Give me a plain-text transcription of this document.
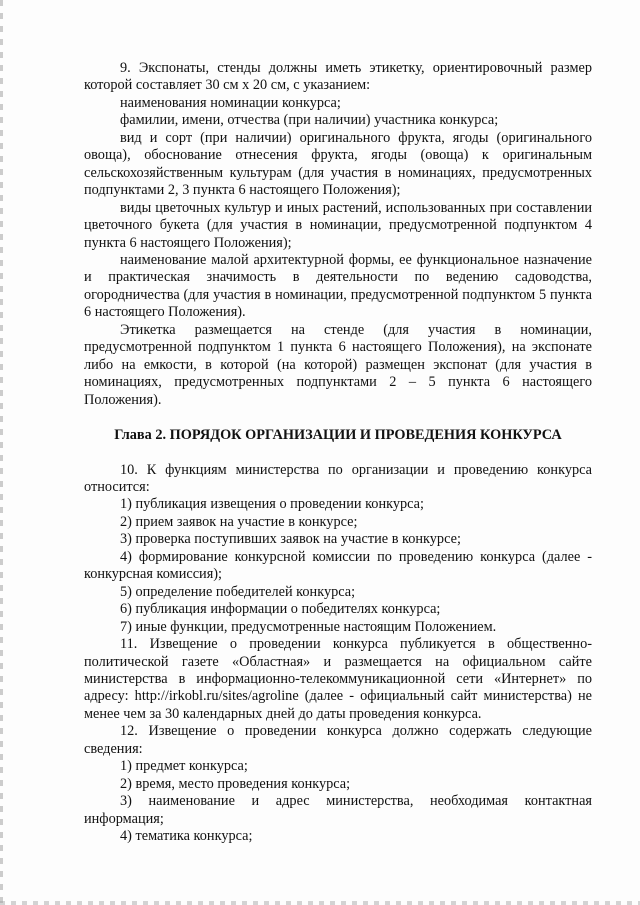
9. Экспонаты, стенды должны иметь этикетку, ориентировочный размер которой составляет 30 см x 20 см, с указанием:

наименования номинации конкурса;

фамилии, имени, отчества (при наличии) участника конкурса;

вид и сорт (при наличии) оригинального фрукта, ягоды (оригинального овоща), обоснование отнесения фрукта, ягоды (овоща) к оригинальным сельскохозяйственным культурам (для участия в номинациях, предусмотренных подпунктами 2, 3 пункта 6 настоящего Положения);

виды цветочных культур и иных растений, использованных при составлении цветочного букета (для участия в номинации, предусмотренной подпунктом 4 пункта 6 настоящего Положения);

наименование малой архитектурной формы, ее функциональное назначение и практическая значимость в деятельности по ведению садоводства, огородничества (для участия в номинации, предусмотренной подпунктом 5 пункта 6 настоящего Положения).

Этикетка размещается на стенде (для участия в номинации, предусмотренной подпунктом 1 пункта 6 настоящего Положения), на экспонате либо на емкости, в которой (на которой) размещен экспонат (для участия в номинациях, предусмотренных подпунктами 2 – 5 пункта 6 настоящего Положения).

Глава 2. ПОРЯДОК ОРГАНИЗАЦИИ И ПРОВЕДЕНИЯ КОНКУРСА

10. К функциям министерства по организации и проведению конкурса относится:

1) публикация извещения о проведении конкурса;

2) прием заявок на участие в конкурсе;

3) проверка поступивших заявок на участие в конкурсе;

4) формирование конкурсной комиссии по проведению конкурса (далее - конкурсная комиссия);

5) определение победителей конкурса;

6) публикация информации о победителях конкурса;

7) иные функции, предусмотренные настоящим Положением.

11. Извещение о проведении конкурса публикуется в общественно-политической газете «Областная» и размещается на официальном сайте министерства в информационно-телекоммуникационной сети «Интернет» по адресу: http://irkobl.ru/sites/agroline (далее - официальный сайт министерства) не менее чем за 30 календарных дней до даты проведения конкурса.

12. Извещение о проведении конкурса должно содержать следующие сведения:

1) предмет конкурса;

2) время, место проведения конкурса;

3) наименование и адрес министерства, необходимая контактная информация;

4) тематика конкурса;
